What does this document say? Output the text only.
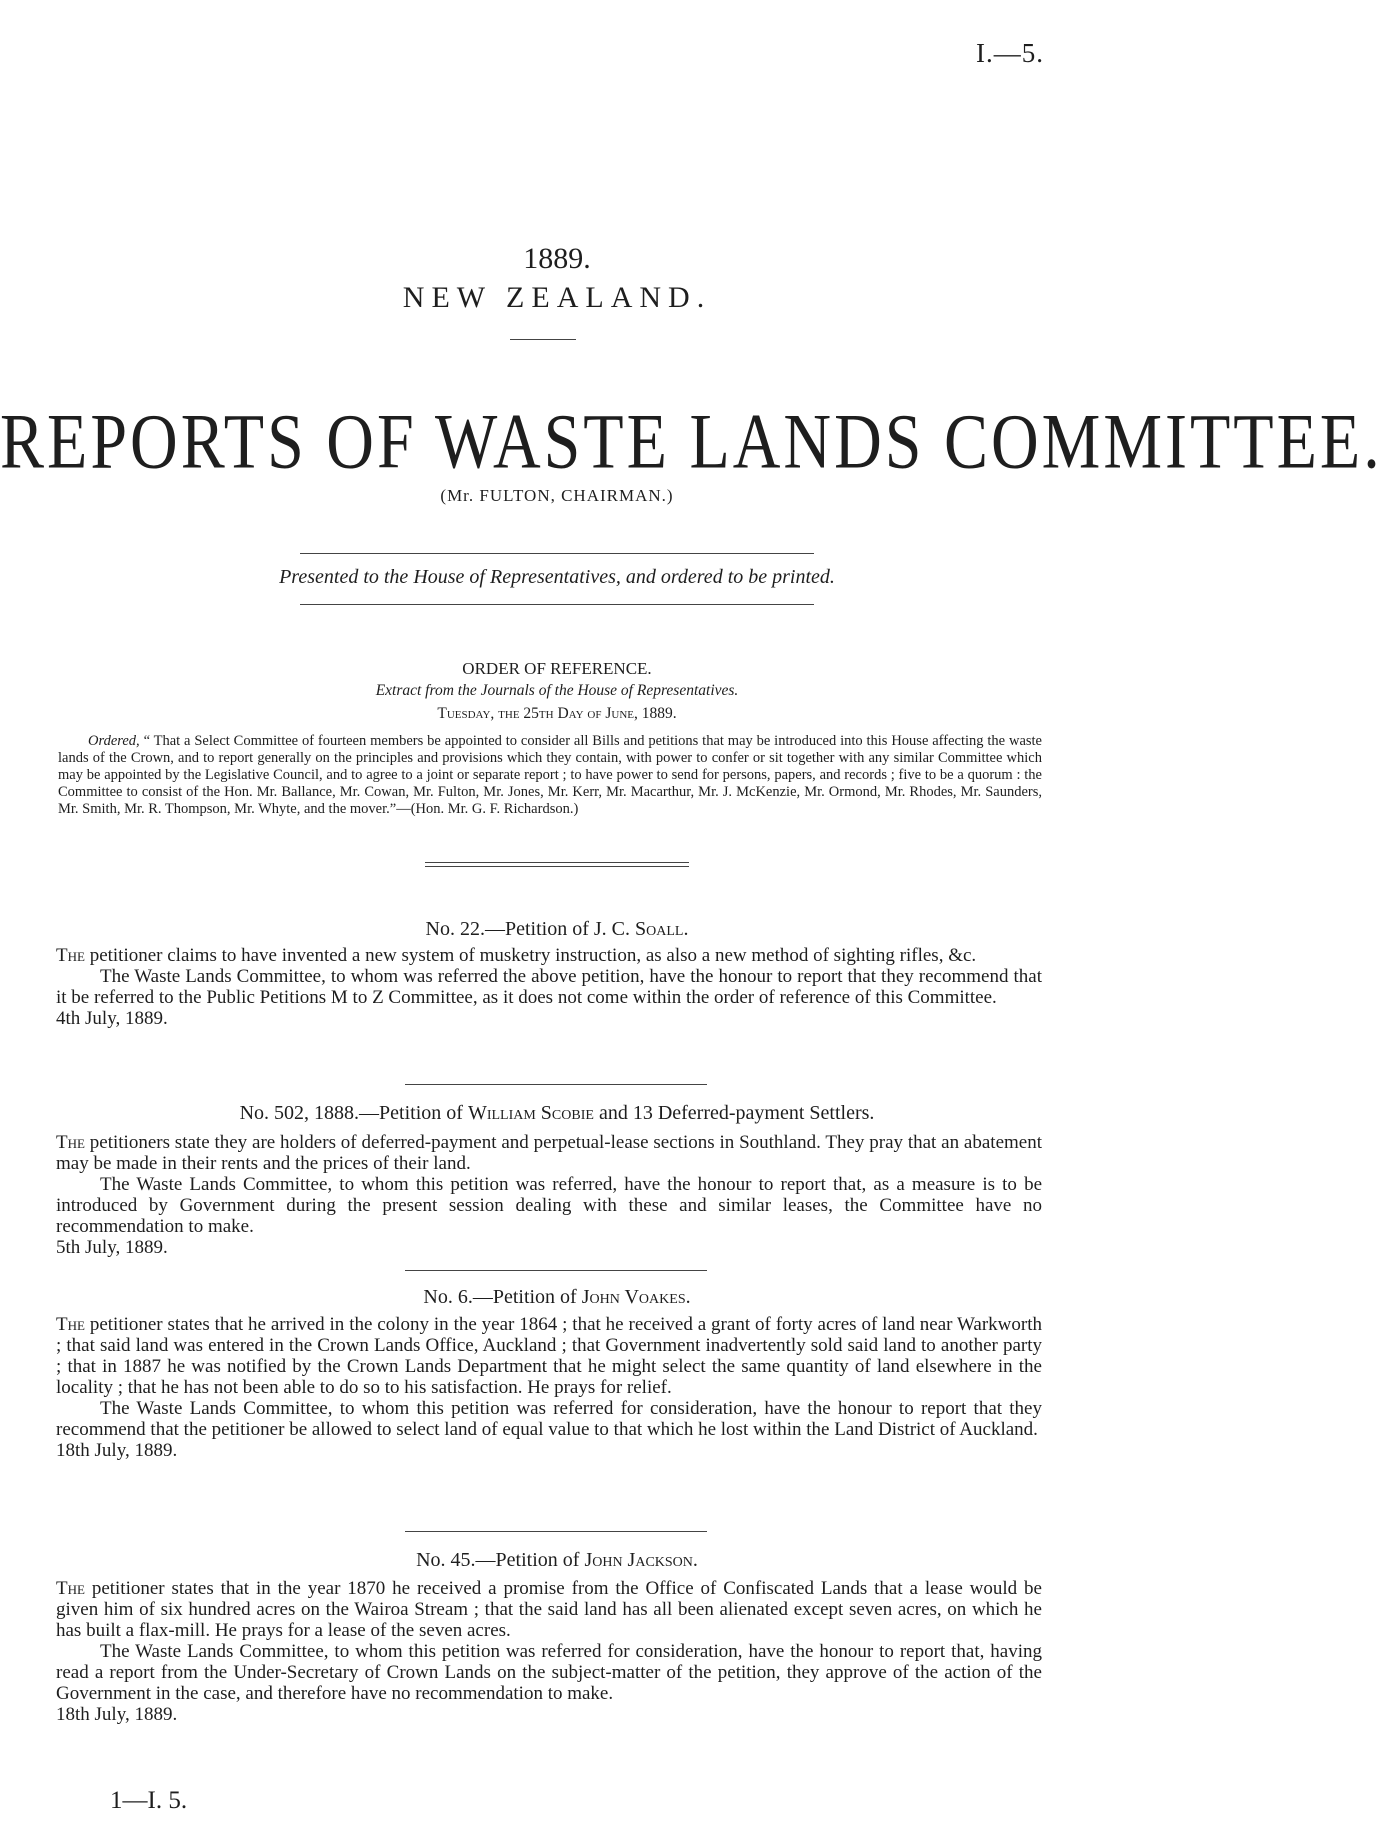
I.—5.
1889.
NEW ZEALAND.
REPORTS OF WASTE LANDS COMMITTEE.
(Mr. FULTON, CHAIRMAN.)
Presented to the House of Representatives, and ordered to be printed.
ORDER OF REFERENCE.
Extract from the Journals of the House of Representatives.
Tuesday, the 25th Day of June, 1889.
Ordered, “ That a Select Committee of fourteen members be appointed to consider all Bills and petitions that may be introduced into this House affecting the waste lands of the Crown, and to report generally on the principles and provisions which they contain, with power to confer or sit together with any similar Committee which may be appointed by the Legislative Council, and to agree to a joint or separate report ; to have power to send for persons, papers, and records ; five to be a quorum : the Committee to consist of the Hon. Mr. Ballance, Mr. Cowan, Mr. Fulton, Mr. Jones, Mr. Kerr, Mr. Macarthur, Mr. J. McKenzie, Mr. Ormond, Mr. Rhodes, Mr. Saunders, Mr. Smith, Mr. R. Thompson, Mr. Whyte, and the mover.”—(Hon. Mr. G. F. Richardson.)
No. 22.—Petition of J. C. Soall.

The petitioner claims to have invented a new system of musketry instruction, as also a new method of sighting rifles, &c.

The Waste Lands Committee, to whom was referred the above petition, have the honour to report that they recommend that it be referred to the Public Petitions M to Z Committee, as it does not come within the order of reference of this Committee.

4th July, 1889.

No. 502, 1888.—Petition of William Scobie and 13 Deferred-payment Settlers.

The petitioners state they are holders of deferred-payment and perpetual-lease sections in Southland. They pray that an abatement may be made in their rents and the prices of their land.

The Waste Lands Committee, to whom this petition was referred, have the honour to report that, as a measure is to be introduced by Government during the present session dealing with these and similar leases, the Committee have no recommendation to make.

5th July, 1889.

No. 6.—Petition of John Voakes.

The petitioner states that he arrived in the colony in the year 1864 ; that he received a grant of forty acres of land near Warkworth ; that said land was entered in the Crown Lands Office, Auckland ; that Government inadvertently sold said land to another party ; that in 1887 he was notified by the Crown Lands Department that he might select the same quantity of land elsewhere in the locality ; that he has not been able to do so to his satisfaction. He prays for relief.

The Waste Lands Committee, to whom this petition was referred for consideration, have the honour to report that they recommend that the petitioner be allowed to select land of equal value to that which he lost within the Land District of Auckland.

18th July, 1889.

No. 45.—Petition of John Jackson.

The petitioner states that in the year 1870 he received a promise from the Office of Confiscated Lands that a lease would be given him of six hundred acres on the Wairoa Stream ; that the said land has all been alienated except seven acres, on which he has built a flax-mill. He prays for a lease of the seven acres.

The Waste Lands Committee, to whom this petition was referred for consideration, have the honour to report that, having read a report from the Under-Secretary of Crown Lands on the subject-matter of the petition, they approve of the action of the Government in the case, and therefore have no recommendation to make.

18th July, 1889.

1—I. 5.
